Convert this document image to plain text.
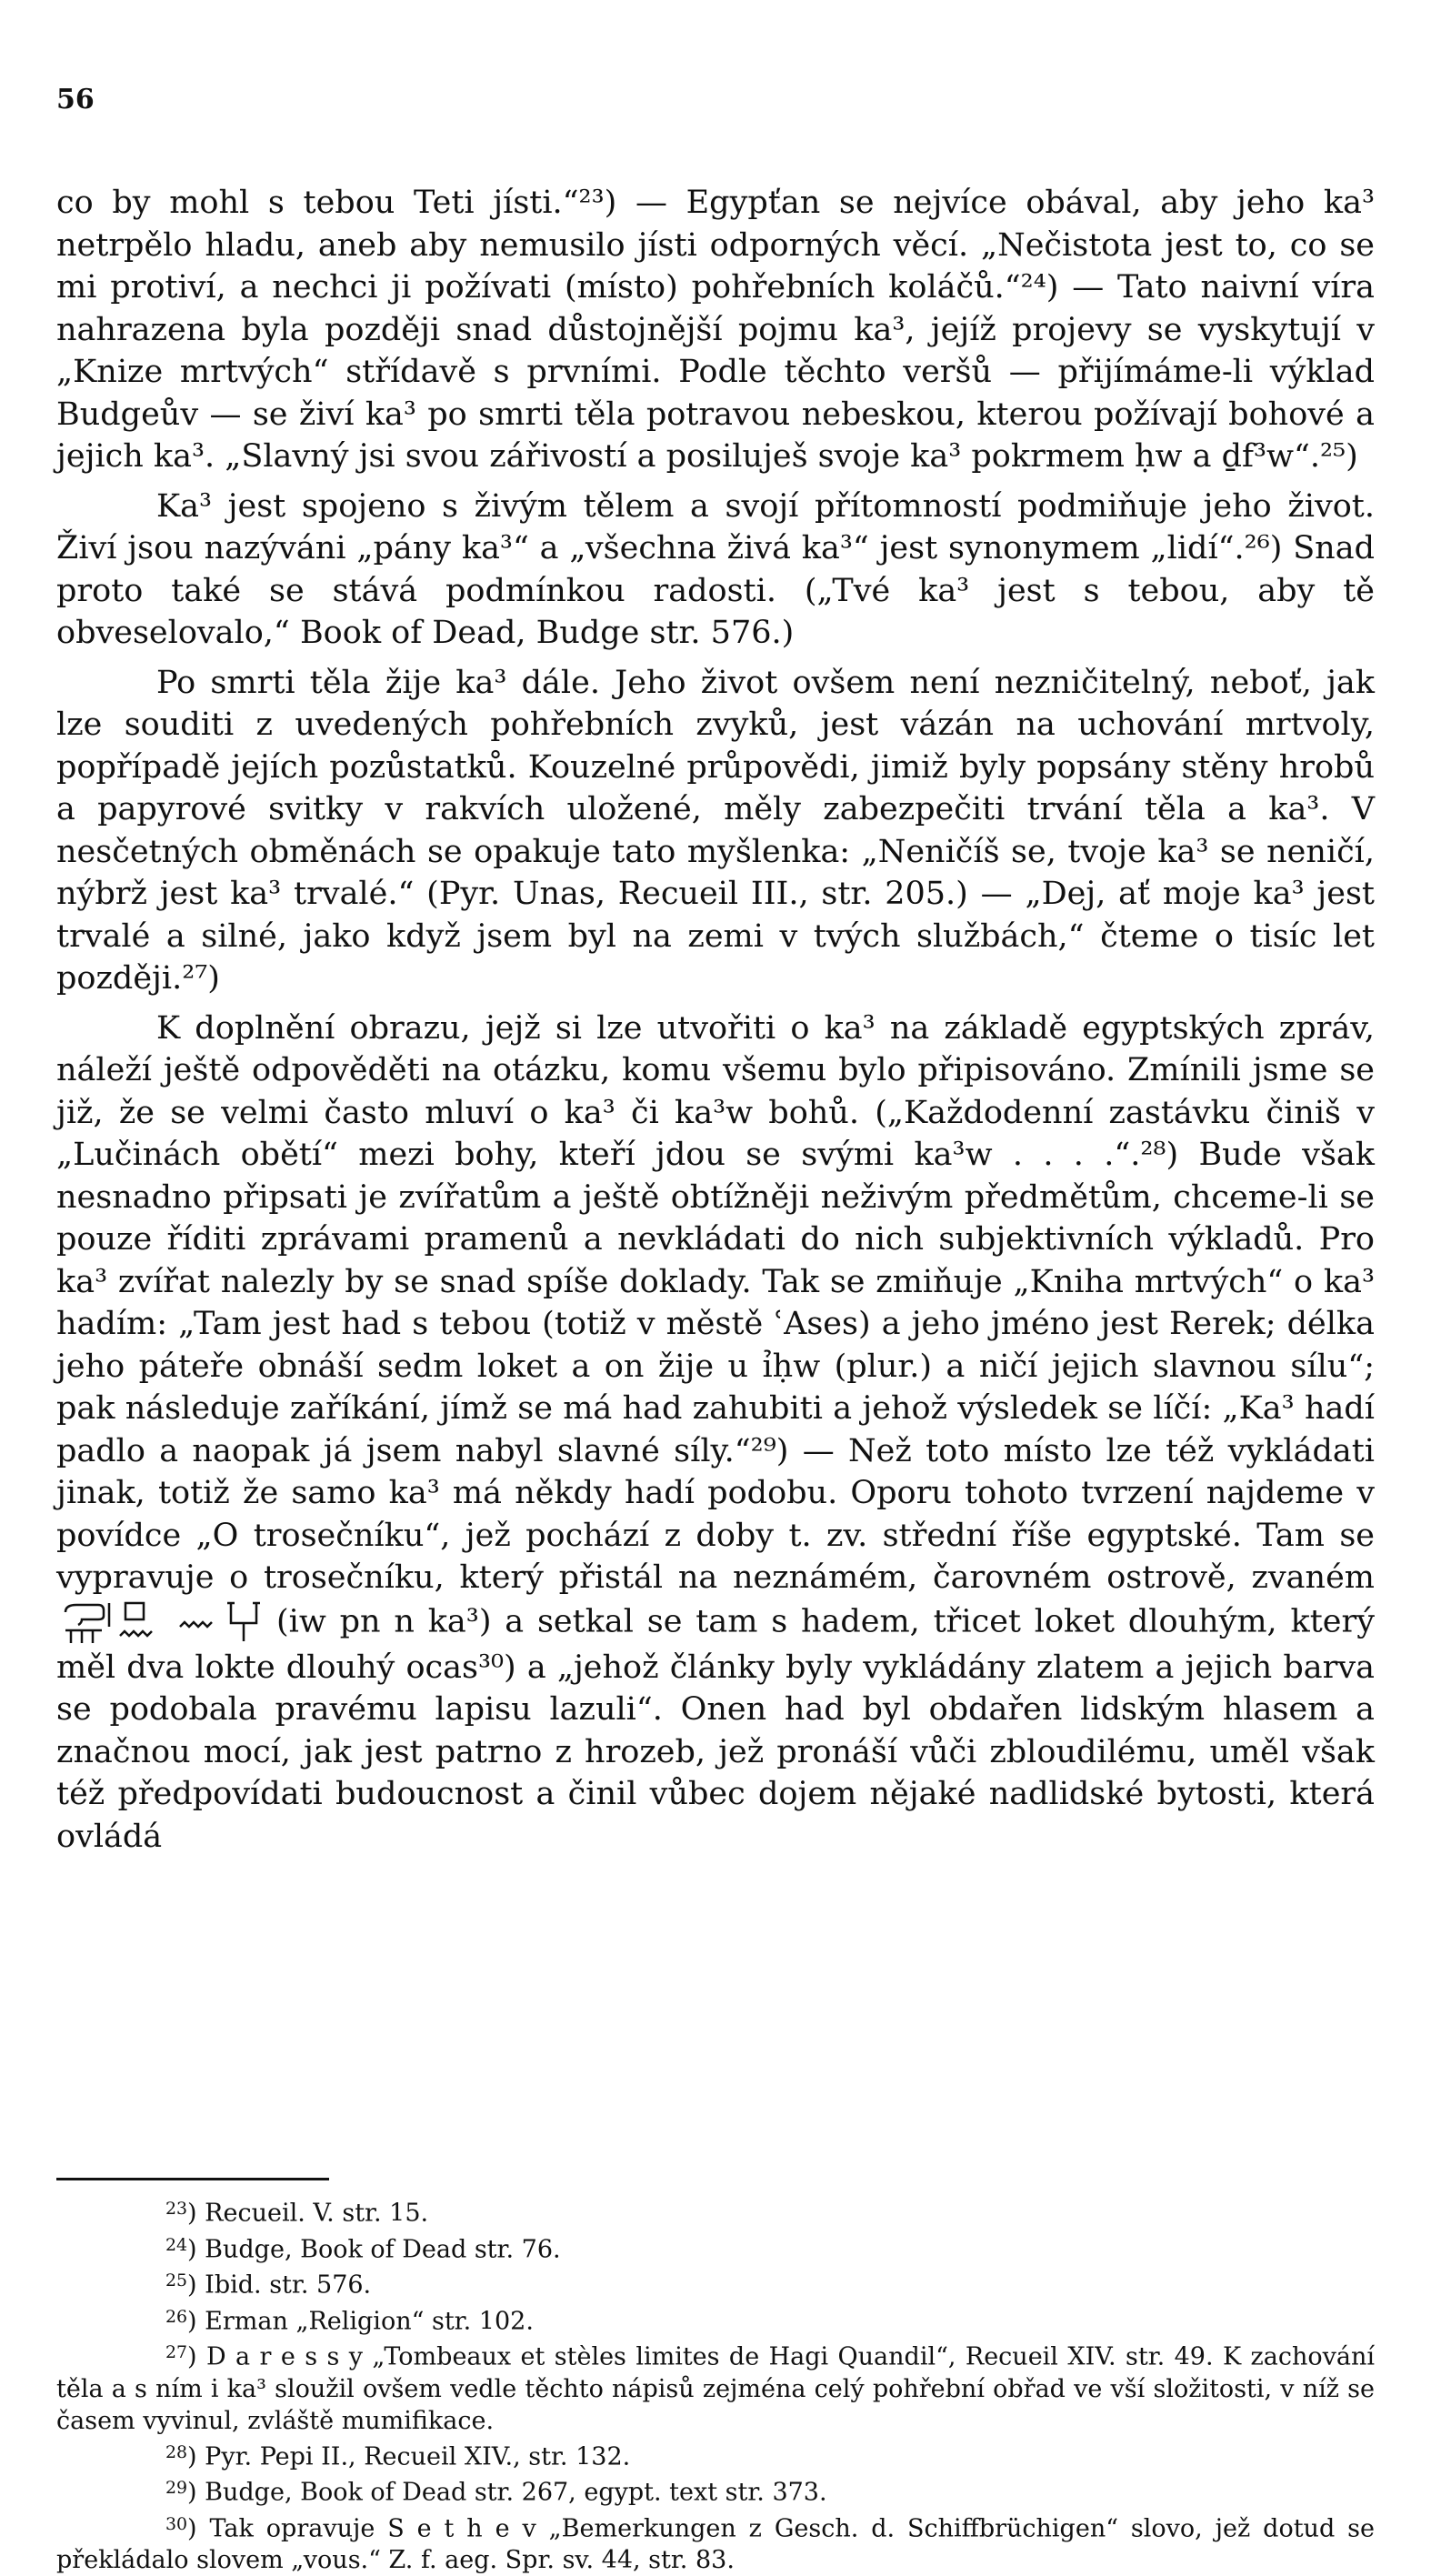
56

co by mohl s tebou Teti jísti.“²³) — Egypťan se nejvíce obával, aby jeho ka³ netrpělo hladu, aneb aby nemusilo jísti odporných věcí. „Nečistota jest to, co se mi protiví, a nechci ji požívati (místo) pohřebních koláčů.“²⁴) — Tato naivní víra nahrazena byla později snad důstojnější pojmu ka³, jejíž projevy se vyskytují v „Knize mrtvých“ střídavě s prvními. Podle těchto veršů — přijímáme-li výklad Budgeův — se živí ka³ po smrti těla potravou nebeskou, kterou požívají bohové a jejich ka³. „Slavný jsi svou zářivostí a posiluješ svoje ka³ pokrmem ḥw a ḏf³w“.²⁵)

Ka³ jest spojeno s živým tělem a svojí přítomností podmiňuje jeho život. Živí jsou nazýváni „pány ka³“ a „všechna živá ka³“ jest synonymem „lidí“.²⁶) Snad proto také se stává podmínkou radosti. („Tvé ka³ jest s tebou, aby tě obveselovalo,“ Book of Dead, Budge str. 576.)

Po smrti těla žije ka³ dále. Jeho život ovšem není nezničitelný, neboť, jak lze souditi z uvedených pohřebních zvyků, jest vázán na uchování mrtvoly, popřípadě jejích pozůstatků. Kouzelné průpovědi, jimiž byly popsány stěny hrobů a papyrové svitky v rakvích uložené, měly zabezpečiti trvání těla a ka³. V nesčetných obměnách se opakuje tato myšlenka: „Neničíš se, tvoje ka³ se neničí, nýbrž jest ka³ trvalé.“ (Pyr. Unas, Recueil III., str. 205.) — „Dej, ať moje ka³ jest trvalé a silné, jako když jsem byl na zemi v tvých službách,“ čteme o tisíc let později.²⁷)

K doplnění obrazu, jejž si lze utvořiti o ka³ na základě egyptských zpráv, náleží ještě odpověděti na otázku, komu všemu bylo připisováno. Zmínili jsme se již, že se velmi často mluví o ka³ či ka³w bohů. („Každodenní zastávku činiš v „Lučinách obětí“ mezi bohy, kteří jdou se svými ka³w . . . .“.²⁸) Bude však nesnadno připsati je zvířatům a ještě obtížněji neživým předmětům, chceme-li se pouze říditi zprávami pramenů a nevkládati do nich subjektivních výkladů. Pro ka³ zvířat nalezly by se snad spíše doklady. Tak se zmiňuje „Kniha mrtvých“ o ka³ hadím: „Tam jest had s tebou (totiž v městě ʿAses) a jeho jméno jest Rerek; délka jeho páteře obnáší sedm loket a on žije u ỉḥw (plur.) a ničí jejich slavnou sílu“; pak následuje zaříkání, jímž se má had zahubiti a jehož výsledek se líčí: „Ka³ hadí padlo a naopak já jsem nabyl slavné síly.“²⁹) — Než toto místo lze též vykládati jinak, totiž že samo ka³ má někdy hadí podobu. Oporu tohoto tvrzení najdeme v povídce „O trosečníku“, jež pochází z doby t. zv. střední říše egyptské. Tam se vypravuje o trosečníku, který přistál na neznámém, čarovném ostrově, zvaném(iw pn n ka³) a setkal se tam s hadem, třicet loket dlouhým, který měl dva lokte dlouhý ocas³⁰) a „jehož články byly vykládány zlatem a jejich barva se podobala pravému lapisu lazuli“. Onen had byl obdařen lidským hlasem a značnou mocí, jak jest patrno z hrozeb, jež pronáší vůči zbloudilému, uměl však též předpovídati budoucnost a činil vůbec dojem nějaké nadlidské bytosti, která ovládá

$^{23}$) Recueil. V. str. 15.

$^{24}$) Budge, Book of Dead str. 76.

$^{25}$) Ibid. str. 576.

$^{26}$) Erman „Religion“ str. 102.

$^{27}$) D a r e s s y „Tombeaux et stèles limites de Hagi Quandil“, Recueil XIV. str. 49. K zachování těla a s ním i ka³ sloužil ovšem vedle těchto nápisů zejména celý pohřební obřad ve vší složitosti, v níž se časem vyvinul, zvláště mumifikace.

$^{28}$) Pyr. Pepi II., Recueil XIV., str. 132.

$^{29}$) Budge, Book of Dead str. 267, egypt. text str. 373.

$^{30}$) Tak opravuje S e t h e v „Bemerkungen z Gesch. d. Schiffbrüchigen“ slovo, jež dotud se překládalo slovem „vous.“ Z. f. aeg. Spr. sv. 44, str. 83.
